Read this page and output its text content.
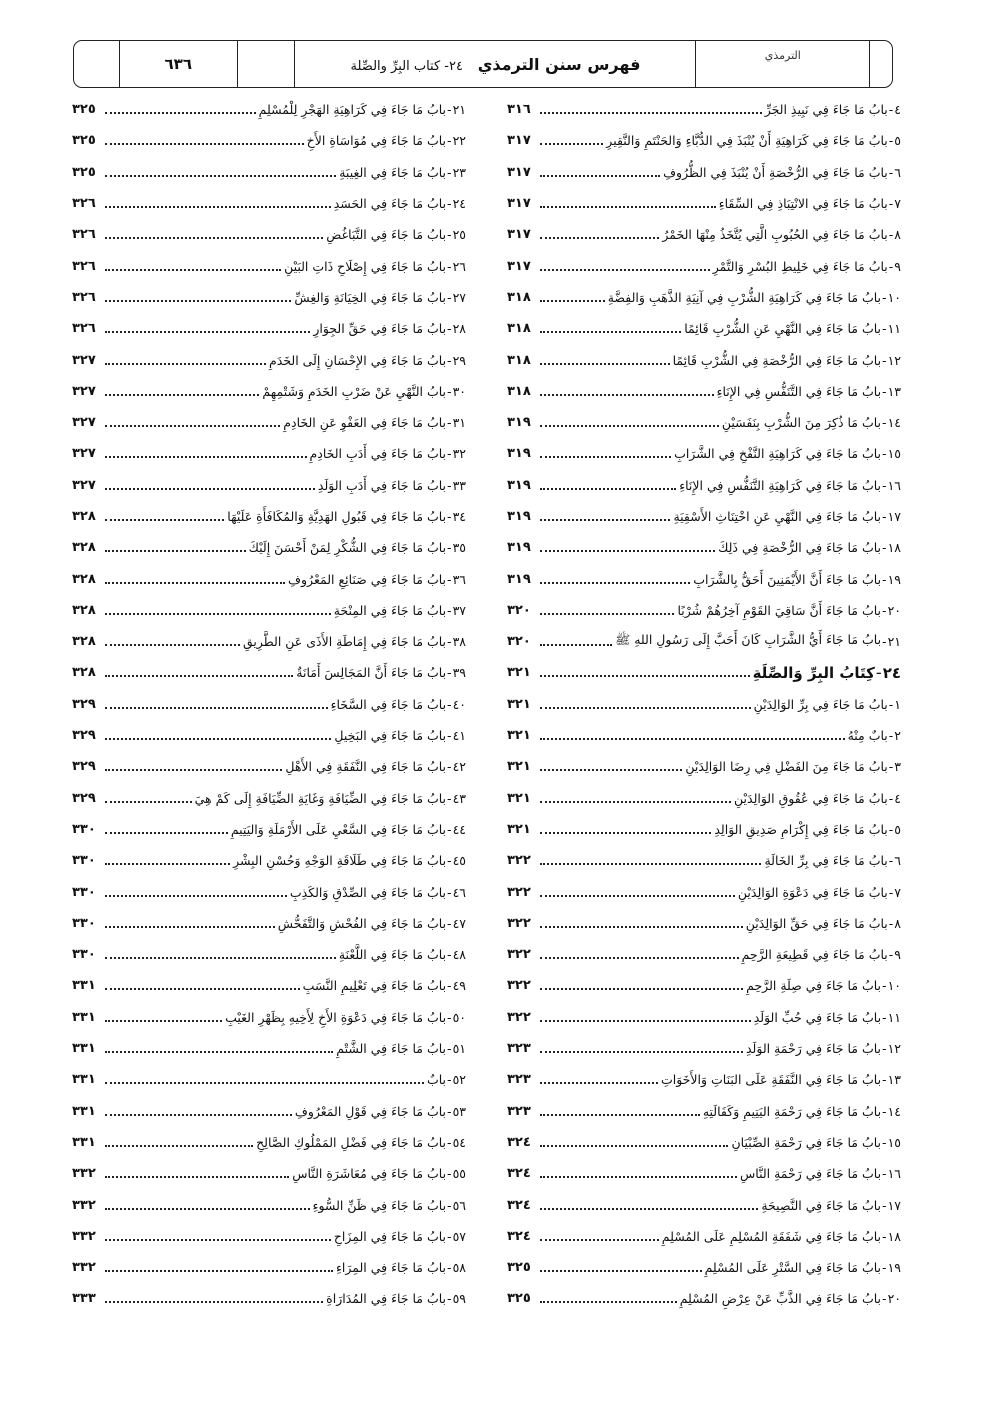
٦٣٦	فهرس سنن الترمذي ٢٤- كتاب البِرِّ والصِّلة
الترمذي
٤
-
بابُ مَا جَاءَ فِي نَبِيذِ الجَرِّ
٣١٦
٥
-
بابُ مَا جَاءَ فِي كَرَاهِيَةِ أَنْ يُنْبَذَ فِي الدُّبَّاءِ وَالحَنْتَمِ وَالنَّقِيرِ
٣١٧
٦
-
بابُ مَا جَاءَ فِي الرُّخْصَةِ أَنْ يُنْبَذَ فِي الظُّرُوفِ
٣١٧
٧
-
بابُ مَا جَاءَ فِي الانْتِبَاذِ فِي السِّقَاءِ
٣١٧
٨
-
بابُ مَا جَاءَ فِي الحُبُوبِ الَّتِي يُتَّخَذُ مِنْهَا الخَمْرُ
٣١٧
٩
-
بابُ مَا جَاءَ فِي خَلِيطِ البُسْرِ وَالتَّمْرِ
٣١٧
١٠
-
بابُ مَا جَاءَ فِي كَرَاهِيَةِ الشُّرْبِ فِي آنِيَةِ الذَّهَبِ وَالفِضَّةِ
٣١٨
١١
-
بابُ مَا جَاءَ فِي النَّهْيِ عَنِ الشُّرْبِ قَائِمًا
٣١٨
١٢
-
بابُ مَا جَاءَ فِي الرُّخْصَةِ فِي الشُّرْبِ قَائِمًا
٣١٨
١٣
-
بابُ مَا جَاءَ فِي التَّنَفُّسِ فِي الإِنَاءِ
٣١٨
١٤
-
بابُ مَا ذُكِرَ مِنَ الشُّرْبِ بِنَفَسَيْنِ
٣١٩
١٥
-
بابُ مَا جَاءَ فِي كَرَاهِيَةِ النَّفْخِ فِي الشَّرَابِ
٣١٩
١٦
-
بابُ مَا جَاءَ فِي كَرَاهِيَةِ التَّنَفُّسِ فِي الإِنَاءِ
٣١٩
١٧
-
بابُ مَا جَاءَ فِي النَّهْيِ عَنِ اخْتِنَاثِ الأَسْقِيَةِ
٣١٩
١٨
-
بابُ مَا جَاءَ فِي الرُّخْصَةِ فِي ذَلِكَ
٣١٩
١٩
-
بابُ مَا جَاءَ أَنَّ الأَيْمَنِينَ أَحَقُّ بِالشَّرَابِ
٣١٩
٢٠
-
بابُ مَا جَاءَ أَنَّ سَاقِيَ القَوْمِ آخِرُهُمْ شُرْبًا
٣٢٠
٢١
-
بابُ مَا جَاءَ أَيُّ الشَّرَابِ كَانَ أَحَبَّ إِلَى رَسُولِ اللهِ ﷺ
٣٢٠
٢٤
-
كِتَابُ البِرِّ وَالصِّلَةِ
٣٢١
١
-
بابُ مَا جَاءَ فِي بِرِّ الوَالِدَيْنِ
٣٢١
٢
-
بابٌ مِنْهُ
٣٢١
٣
-
بابُ مَا جَاءَ مِنَ الفَضْلِ فِي رِضَا الوَالِدَيْنِ
٣٢١
٤
-
بابُ مَا جَاءَ فِي عُقُوقِ الوَالِدَيْنِ
٣٢١
٥
-
بابُ مَا جَاءَ فِي إِكْرَامِ صَدِيقِ الوَالِدِ
٣٢١
٦
-
بابُ مَا جَاءَ فِي بِرِّ الخَالَةِ
٣٢٢
٧
-
بابُ مَا جَاءَ فِي دَعْوَةِ الوَالِدَيْنِ
٣٢٢
٨
-
بابُ مَا جَاءَ فِي حَقِّ الوَالِدَيْنِ
٣٢٢
٩
-
بابُ مَا جَاءَ فِي قَطِيعَةِ الرَّحِمِ
٣٢٢
١٠
-
بابُ مَا جَاءَ فِي صِلَةِ الرَّحِمِ
٣٢٢
١١
-
بابُ مَا جَاءَ فِي حُبِّ الوَلَدِ
٣٢٢
١٢
-
بابُ مَا جَاءَ فِي رَحْمَةِ الوَلَدِ
٣٢٣
١٣
-
بابُ مَا جَاءَ فِي النَّفَقَةِ عَلَى البَنَاتِ وَالأَخَوَاتِ
٣٢٣
١٤
-
بابُ مَا جَاءَ فِي رَحْمَةِ اليَتِيمِ وَكَفَالَتِهِ
٣٢٣
١٥
-
بابُ مَا جَاءَ فِي رَحْمَةِ الصِّبْيَانِ
٣٢٤
١٦
-
بابُ مَا جَاءَ فِي رَحْمَةِ النَّاسِ
٣٢٤
١٧
-
بابُ مَا جَاءَ فِي النَّصِيحَةِ
٣٢٤
١٨
-
بابُ مَا جَاءَ فِي شَفَقَةِ المُسْلِمِ عَلَى المُسْلِمِ
٣٢٤
١٩
-
بابُ مَا جَاءَ فِي السَّتْرِ عَلَى المُسْلِمِ
٣٢٥
٢٠
-
بابُ مَا جَاءَ فِي الذَّبِّ عَنْ عِرْضِ المُسْلِمِ
٣٢٥
٢١
-
بابُ مَا جَاءَ فِي كَرَاهِيَةِ الهَجْرِ لِلْمُسْلِمِ
٣٢٥
٢٢
-
بابُ مَا جَاءَ فِي مُوَاسَاةِ الأَخِ
٣٢٥
٢٣
-
بابُ مَا جَاءَ فِي الغِيبَةِ
٣٢٥
٢٤
-
بابُ مَا جَاءَ فِي الحَسَدِ
٣٢٦
٢٥
-
بابُ مَا جَاءَ فِي التَّبَاغُضِ
٣٢٦
٢٦
-
بابُ مَا جَاءَ فِي إِصْلَاحِ ذَاتِ البَيْنِ
٣٢٦
٢٧
-
بابُ مَا جَاءَ فِي الخِيَانَةِ وَالغِشِّ
٣٢٦
٢٨
-
بابُ مَا جَاءَ فِي حَقِّ الجِوَارِ
٣٢٦
٢٩
-
بابُ مَا جَاءَ فِي الإِحْسَانِ إِلَى الخَدَمِ
٣٢٧
٣٠
-
بابُ النَّهْيِ عَنْ ضَرْبِ الخَدَمِ وَشَتْمِهِمْ
٣٢٧
٣١
-
بابُ مَا جَاءَ فِي العَفْوِ عَنِ الخَادِمِ
٣٢٧
٣٢
-
بابُ مَا جَاءَ فِي أَدَبِ الخَادِمِ
٣٢٧
٣٣
-
بابُ مَا جَاءَ فِي أَدَبِ الوَلَدِ
٣٢٧
٣٤
-
بابُ مَا جَاءَ فِي قَبُولِ الهَدِيَّةِ وَالمُكَافَأَةِ عَلَيْهَا
٣٢٨
٣٥
-
بابُ مَا جَاءَ فِي الشُّكْرِ لِمَنْ أَحْسَنَ إِلَيْكَ
٣٢٨
٣٦
-
بابُ مَا جَاءَ فِي صَنَائِعِ المَعْرُوفِ
٣٢٨
٣٧
-
بابُ مَا جَاءَ فِي المِنْحَةِ
٣٢٨
٣٨
-
بابُ مَا جَاءَ فِي إِمَاطَةِ الأَذَى عَنِ الطَّرِيقِ
٣٢٨
٣٩
-
بابُ مَا جَاءَ أَنَّ المَجَالِسَ أَمَانَةٌ
٣٢٨
٤٠
-
بابُ مَا جَاءَ فِي السَّخَاءِ
٣٢٩
٤١
-
بابُ مَا جَاءَ فِي البَخِيلِ
٣٢٩
٤٢
-
بابُ مَا جَاءَ فِي النَّفَقَةِ فِي الأَهْلِ
٣٢٩
٤٣
-
بابُ مَا جَاءَ فِي الضِّيَافَةِ وَغَايَةِ الضِّيَافَةِ إِلَى كَمْ هِيَ
٣٢٩
٤٤
-
بابُ مَا جَاءَ فِي السَّعْيِ عَلَى الأَرْمَلَةِ وَاليَتِيمِ
٣٣٠
٤٥
-
بابُ مَا جَاءَ فِي طَلَاقَةِ الوَجْهِ وَحُسْنِ البِشْرِ
٣٣٠
٤٦
-
بابُ مَا جَاءَ فِي الصِّدْقِ وَالكَذِبِ
٣٣٠
٤٧
-
بابُ مَا جَاءَ فِي الفُحْشِ وَالتَّفَحُّشِ
٣٣٠
٤٨
-
بابُ مَا جَاءَ فِي اللَّعْنَةِ
٣٣٠
٤٩
-
بابُ مَا جَاءَ فِي تَعْلِيمِ النَّسَبِ
٣٣١
٥٠
-
بابُ مَا جَاءَ فِي دَعْوَةِ الأَخِ لِأَخِيهِ بِظَهْرِ الغَيْبِ
٣٣١
٥١
-
بابُ مَا جَاءَ فِي الشَّتْمِ
٣٣١
٥٢
-
بابٌ
٣٣١
٥٣
-
بابُ مَا جَاءَ فِي قَوْلِ المَعْرُوفِ
٣٣١
٥٤
-
بابُ مَا جَاءَ فِي فَضْلِ المَمْلُوكِ الصَّالِحِ
٣٣١
٥٥
-
بابُ مَا جَاءَ فِي مُعَاشَرَةِ النَّاسِ
٣٣٢
٥٦
-
بابُ مَا جَاءَ فِي ظَنِّ السُّوءِ
٣٣٢
٥٧
-
بابُ مَا جَاءَ فِي المِزَاحِ
٣٣٢
٥٨
-
بابُ مَا جَاءَ فِي المِرَاءِ
٣٣٢
٥٩
-
بابُ مَا جَاءَ فِي المُدَارَاةِ
٣٣٣
